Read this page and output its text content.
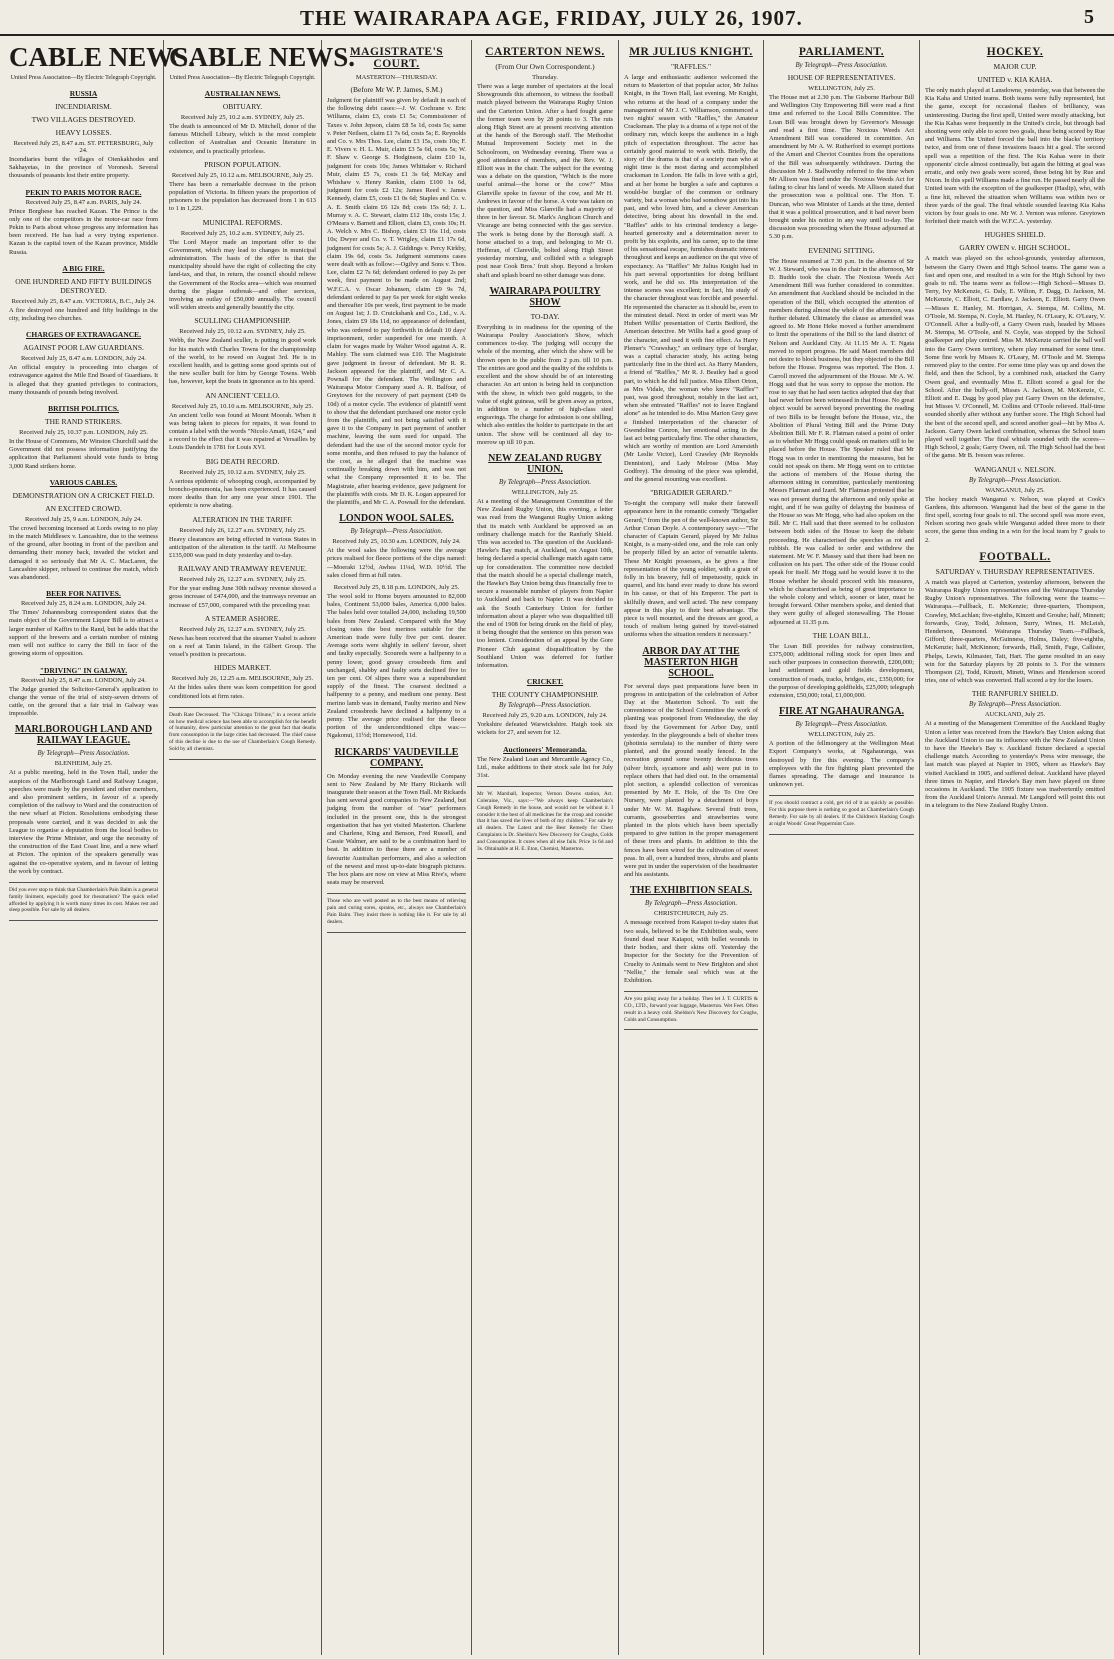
THE WAIRARAPA AGE, FRIDAY, JULY 26, 1907.	5
CABLE NEWS.
United Press Association—By Electric Telegraph Copyright.
RUSSIA
INCENDIARISM.
TWO VILLAGES DESTROYED.
HEAVY LOSSES.
Received July 25, 8.47 a.m. ST. PETERSBURG, July 24.
Incendiaries burnt the villages of Oienkakhodes and Sakhayetas, in the province of Voronesh. Several thousands of peasants lost their entire property.
PEKIN TO PARIS MOTOR RACE.
Received July 25, 8.47 a.m. PARIS, July 24.
Prince Borghese has reached Kazan. The Prince is the only one of the competitors in the motor-car race from Pekin to Paris about whose progress any information has been received. He has had a very trying experience. Kazan is the capital town of the Kazan province, Middle Russia.
A BIG FIRE.
ONE HUNDRED AND FIFTY BUILDINGS DESTROYED.
Received July 25, 8.47 a.m. VICTORIA, B.C., July 24.
A fire destroyed one hundred and fifty buildings in the city, including two churches.
CHARGES OF EXTRAVAGANCE.
AGAINST POOR LAW GUARDIANS.
Received July 25, 8.47 a.m. LONDON, July 24.
An official enquiry is proceeding into charges of extravagance against the Mile End Board of Guardians. It is alleged that they granted privileges to contractors, many thousands of pounds being involved.
BRITISH POLITICS.
THE RAND STRIKERS.
Received July 25, 10.37 p.m. LONDON, July 25.
In the House of Commons, Mr Winston Churchill said the Government did not possess information justifying the application that Parliament should vote funds to bring 3,000 Rand strikers home.
VARIOUS CABLES.
DEMONSTRATION ON A CRICKET FIELD.
AN EXCITED CROWD.
Received July 25, 9 a.m. LONDON, July 24.
The crowd becoming incensed at Lords owing to no play in the match Middlesex v. Lancashire, due to the wetness of the ground, after booting in front of the pavilion and demanding their money back, invaded the wicket and damaged it so seriously that Mr A. C. MacLaren, the Lancashire skipper, refused to continue the match, which was abandoned.
BEER FOR NATIVES.
Received July 25, 8.24 a.m. LONDON, July 24.
The Times' Johannesburg correspondent states that the main object of the Government Liquor Bill is to attract a larger number of Kaffirs to the Rand, but he adds that the support of the brewers and a certain number of mining men will not suffice to carry the Bill in face of the growing storm of opposition.
"DRIVING" IN GALWAY.
Received July 25, 8.47 a.m. LONDON, July 24.
The Judge granted the Solicitor-General's application to change the venue of the trial of sixty-seven drivers of cattle, on the ground that a fair trial in Galway was impossible.
MARLBOROUGH LAND AND RAILWAY LEAGUE.
By Telegraph—Press Association.
BLENHEIM, July 25.
At a public meeting, held in the Town Hall, under the auspices of the Marlborough Land and Railway League, speeches were made by the president and other members, and also prominent settlers, in favour of a speedy completion of the railway to Ward and the construction of the new wharf at Picton. Resolutions embodying these proposals were carried, and it was decided to ask the League to organise a deputation from the local bodies to interview the Prime Minister, and urge the necessity of the construction of the East Coast line, and a new wharf at Picton. The opinion of the speakers generally was against the co-operative system, and in favour of letting the work by contract.
Did you ever stop to think that Chamberlain's Pain Balm is a general family liniment, especially good for rheumatism? The quick relief afforded by applying it is worth many times its cost. Makes rest and sleep possible. For sale by all dealers.
CABLE NEWS.
United Press Association—By Electric Telegraph Copyright.
AUSTRALIAN NEWS.
OBITUARY.
Received July 25, 10.2 a.m. SYDNEY, July 25.
The death is announced of Mr D. Mitchell, donor of the famous Mitchell Library, which is the most complete collection of Australian and Oceanic literature in existence, and is practically priceless.
PRISON POPULATION.
Received July 25, 10.12 a.m. MELBOURNE, July 25.
There has been a remarkable decrease in the prison population of Victoria. In fifteen years the proportion of prisoners to the population has decreased from 1 in 613 to 1 in 1,229.
MUNICIPAL REFORMS.
Received July 25, 10.2 a.m. SYDNEY, July 25.
The Lord Mayor made an important offer to the Government, which may lead to changes in municipal administration. The basis of the offer is that the municipality should have the right of collecting the city land-tax, and that, in return, the council should relieve the Government of the Rocks area—which was resumed during the plague outbreak—and other services, involving an outlay of £50,000 annually. The council will widen streets and generally beautify the city.
SCULLING CHAMPIONSHIP.
Received July 25, 10.12 a.m. SYDNEY, July 25.
Webb, the New Zealand sculler, is putting in good work for his match with Charles Towns for the championship of the world, to be rowed on August 3rd. He is in excellent health, and is getting some good sprints out of the new sculler built for him by George Towns. Webb has, however, kept the boats in ignorance as to his speed.
AN ANCIENT 'CELLO.
Received July 25, 10.10 a.m. MELBOURNE, July 25.
An ancient 'cello was found at Mount Moorah. When it was being taken to pieces for repairs, it was found to contain a label with the words "Nicolo Amati, 1624," and a record to the effect that it was repaired at Versailles by Louis Dandeh in 1781 for Louis XVI.
BIG DEATH RECORD.
Received July 25, 10.12 a.m. SYDNEY, July 25.
A serious epidemic of whooping cough, accompanied by broncho-pneumonia, has been experienced. It has caused more deaths than for any one year since 1901. The epidemic is now abating.
ALTERATION IN THE TARIFF.
Received July 26, 12.27 a.m. SYDNEY, July 25.
Heavy clearances are being effected in various States in anticipation of the alteration in the tariff. At Melbourne £135,000 was paid in duty yesterday and to-day.
RAILWAY AND TRAMWAY REVENUE.
Received July 26, 12.27 a.m. SYDNEY, July 25.
For the year ending June 30th railway revenue showed a gross increase of £474,000, and the tramways revenue an increase of £57,000, compared with the preceding year.
A STEAMER ASHORE.
Received July 26, 12.27 a.m. SYDNEY, July 25.
News has been received that the steamer Ysabel is ashore on a reef at Tanin Island, in the Gilbert Group. The vessel's position is precarious.
HIDES MARKET.
Received July 26, 12.25 a.m. MELBOURNE, July 25.
At the hides sales there was keen competition for good conditioned lots at firm rates.
Death Rate Decreased. The "Chicago Tribune," in a recent article on how medical science has been able to accomplish for the benefit of humanity, drew particular attention to the great fact that deaths from consumption in the large cities had decreased. The chief cause of this decline is due to the use of Chamberlain's Cough Remedy. Sold by all chemists.
MAGISTRATE'S COURT.
MASTERTON—THURSDAY.
(Before Mr W. P. James, S.M.)
Judgment for plaintiff was given by default in each of the following debt cases:—J. W. Cochrane v. Eric Williams, claim £3, costs £1 5s; Commissioner of Taxes v. John Jepson, claim £8 5s 1d, costs 5s; same v. Peter Neilsen, claim £1 7s 6d, costs 5s; E. Reynolds and Co. v. Mrs Thos. Lee, claim £3 15s, costs 10s; F. E. Vivers v. H. L. Muir, claim £3 5s 6d, costs 5s; W. F. Shaw v. George S. Hodginson, claim £10 1s, judgment for costs 10s; James Whittaker v. Richard Muir, claim £5 7s, costs £1 3s 6d; McKay and Whishaw v. Henry Rankin, claim £100 1s 6d, judgment for costs £2 12s; James Reed v. James Kennedy, claim £5, costs £1 0s 6d; Staples and Co. v. A. E. Smith claim £6 12s 8d; costs 15s 6d; J. L. Murray v. A. C. Stewart, claim £12 18s, costs 15s; J. O'Meara v. Barnett and Elliott, claim £3, costs 10s; H. A. Welch v. Mrs C. Bishop, claim £3 16s 11d, costs 10s; Dwyer and Co. v. T. Wrigley, claim £1 17s 6d, judgment for costs 5s; A. J. Giddings v. Percy Kirkby, claim 19s 6d, costs 5s. Judgment summons cases were dealt with as follow:—Ogilvy and Sons v. Thos. Lee, claim £2 7s 6d; defendant ordered to pay 2s per week, first payment to be made on August 2nd; W.F.C.A. v. Oscar Johansen, claim £9 9s 7d, defendant ordered to pay 6s per week for eight weeks and thereafter 10s per week, first payment to be made on August 1st; J. D. Cruickshank and Co., Ltd., v. A. Jones, claim £9 18s 11d, no appearance of defendant, who was ordered to pay forthwith in default 10 days' imprisonment, order suspended for one month. A claim for wages made by Walter Wood against A. R. Mahley. The sum claimed was £10. The Magistrate gave judgment in favour of defendant. Mr R. R. Jackson appeared for the plaintiff, and Mr C. A. Pownall for the defendant. The Wellington and Wairarapa Motor Company sued A. R. Balfour, of Greytown for the recovery of part payment (£49 0s 10d) of a motor cycle. The evidence of plaintiff went to show that the defendant purchased one motor cycle from the plaintiffs, and not being satisfied with it gave it to the Company in part payment of another machine, leaving the sum sued for unpaid. The defendant had the use of the second motor cycle for some months, and then refused to pay the balance of the cost, as he alleged that the machine was continually breaking down with him, and was not what the Company represented it to be. The Magistrate, after hearing evidence, gave judgment for the plaintiffs with costs. Mr D. K. Logan appeared for the plaintiffs, and Mr C. A. Pownall for the defendant.
LONDON WOOL SALES.
By Telegraph—Press Association.
Received July 25, 10.30 a.m. LONDON, July 24.
At the wool sales the following were the average prices realised for fleece portions of the clips named:—Moeraki 12½d, Awhea 11¼d, W.D. 10½d. The sales closed firm at full rates.
Received July 25, 8.18 p.m. LONDON, July 25.
The wool sold to Home buyers amounted to 82,000 bales, Continent 53,000 bales, America 6,000 bales. The bales held over totalled 24,000, including 19,500 bales from New Zealand. Compared with the May closing rates the best merinos suitable for the American trade were fully five per cent. dearer. Average sorts were slightly in sellers' favour, short and faulty especially. Scoureds were a halfpenny to a penny lower, good greasy crossbreds firm and unchanged, shabby and faulty sorts declined five to ten per cent. Of slipes there was a superabundant supply of the finest. The coarsest declined a halfpenny to a penny, and medium one penny. Best merino lamb was in demand, Faulty merino and New Zealand crossbreds have declined a halfpenny to a penny. The average price realised for the fleece portion of the underconditioned clips was:—Ngakonui, 11½d; Homewood, 11d.
RICKARDS' VAUDEVILLE COMPANY.
On Monday evening the new Vaudeville Company sent to New Zealand by Mr Harry Rickards will inaugurate their season at the Town Hall. Mr Rickards has sent several good companies to New Zealand, but judging from the number of "star" performers included in the present one, this is the strongest organisation that has yet visited Masterton. Charlene and Charlene, King and Benson, Fred Russell, and Cassie Walmer, are said to be a combination hard to beat. In addition to these there are a number of favourite Australian performers, and also a selection of the newest and most up-to-date biograph pictures. The box plans are now on view at Miss Rive's, where seats may be reserved.
Those who are well posted as to the best means of relieving pain and curing sores, sprains, etc., always use Chamberlain's Pain Balm. They insist there is nothing like it. For sale by all dealers.
CARTERTON NEWS.
(From Our Own Correspondent.)
Thursday.
There was a large number of spectators at the local Showgrounds this afternoon, to witness the football match played between the Wairarapa Rugby Union and the Carterton Union. After a hard fought game the former team won by 28 points to 3. The ruts along High Street are at present receiving attention at the hands of the Borough staff. The Methodist Mutual Improvement Society met in the Schoolroom, on Wednesday evening. There was a good attendance of members, and the Rev. W. J. Elliott was in the chair. The subject for the evening was a debate on the question, "Which is the more useful animal—the horse or the cow?" Miss Glanville spoke in favour of the cow, and Mr H. Andrews in favour of the horse. A vote was taken on the question, and Miss Glanville had a majority of three in her favour. St. Mark's Anglican Church and Vicarage are being connected with the gas service. The work is being done by the Borough staff. A horse attached to a trap, and belonging to Mr O. Hefferan, of Clareville, bolted along High Street yesterday morning, and collided with a telegraph post near Cook Bros.' fruit shop. Beyond a broken shaft and splash board no other damage was done.
WAIRARAPA POULTRY SHOW
TO-DAY.
Everything is in readiness for the opening of the Wairarapa Poultry Association's Show, which commences to-day. The judging will occupy the whole of the morning, after which the show will be thrown open to the public from 2 p.m. till 10 p.m. The entries are good and the quality of the exhibits is excellent and the show should be of an interesting character. An art union is being held in conjunction with the show, in which two gold nuggets, to the value of eight guineas, will be given away as prizes, in addition to a number of high-class steel engravings. The charge for admission is one shilling, which also entitles the holder to participate in the art union. The show will be continued all day to-morrow up till 10 p.m.
NEW ZEALAND RUGBY UNION.
By Telegraph—Press Association.
WELLINGTON, July 25.
At a meeting of the Management Committee of the New Zealand Rugby Union, this evening, a letter was read from the Wanganui Rugby Union asking that its match with Auckland be approved as an ordinary challenge match for the Ranfurly Shield. This was acceded to. The question of the Auckland-Hawke's Bay match, at Auckland, on August 10th, being declared a special challenge match again came up for consideration. The committee now decided that the match should be a special challenge match, the Hawke's Bay Union being thus financially free to secure a reasonable number of players from Napier to Auckland and back to Napier. It was decided to ask the South Canterbury Union for further information about a player who was disqualified till the end of 1908 for being drunk on the field of play, it being thought that the sentence on this person was too lenient. Consideration of an appeal by the Gore Pioneer Club against disqualification by the Southland Union was deferred for further information.
CRICKET.
THE COUNTY CHAMPIONSHIP.
By Telegraph—Press Association.
Received July 25, 9.20 a.m. LONDON, July 24.
Yorkshire defeated Warwickshire. Haigh took six wickets for 27, and seven for 12.
Auctioneers' Memoranda.
The New Zealand Loan and Mercantile Agency Co., Ltd., make additions to their stock sale list for July 31st.
Mr W. Marshall, Inspector, Vernon Downs station, Act. Coleraine, Vic., says:—"We always keep Chamberlain's Cough Remedy in the house, and would not be without it. I consider it the best of all medicines for the croup and consider that it has saved the lives of both of my children." For sale by all dealers. The Latest and the Best Remedy for Chest Complaints is Dr. Sheldon's New Discovery for Coughs, Colds and Consumption. It cures when all else fails. Price 1s 6d and 3s. Obtainable at H. E. Eton, Chemist, Masterton.
MR JULIUS KNIGHT.
"RAFFLES."
A large and enthusiastic audience welcomed the return to Masterton of that popular actor, Mr Julius Knight, in the Town Hall, last evening. Mr Knight, who returns at the head of a company under the management of Mr J. C. Williamson, commenced a two nights' season with "Raffles," the Amateur Cracksman. The play is a drama of a type not of the ordinary run, which keeps the audience in a high pitch of expectation throughout. The actor has certainly good material to work with. Briefly, the story of the drama is that of a society man who at night time is the most daring and accomplished cracksman in London. He falls in love with a girl, and at her home he burgles a safe and captures a would-be burglar of the common or ordinary variety, but a woman who had somehow got into his past, and who loved him, and a clever American detective, bring about his downfall in the end. "Raffles" adds to his criminal tendency a large-hearted generosity and a determination never to profit by his exploits, and his career, up to the time of his sensational escape, furnishes dramatic interest throughout and keeps an audience on the qui vive of expectancy. As "Raffles" Mr Julius Knight had in his part several opportunities for doing brilliant work, and he did so. His interpretation of the intense scenes was excellent; in fact, his study of the character throughout was forcible and powerful. He represented the character as it should be, even to the minutest detail. Next in order of merit was Mr Hubert Willis' presentation of Curtis Bedford, the American detective. Mr Willis had a good grasp of the character, and used it with fine effect. As Harry Plemer's "Crawshay," an ordinary type of burglar, was a capital character study, his acting being particularly fine in the third act. As Harry Manders, a friend of "Raffles," Mr R. J. Beatley had a good part, to which he did full justice. Miss Elbert Orton, as Mrs Vidale, the woman who knew "Raffles'" past, was good throughout, notably in the last act, when she entreated "Raffles" not to leave England alone" as he intended to do. Miss Marion Grey gave a finished interpretation of the character of Gwendoline Conron, her emotional acting in the last act being particularly fine. The other characters, which are worthy of mention are Lord Amersteth (Mr Leslie Victor), Lord Crawley (Mr Reynolds Denniston), and Lady Melrose (Miss May Godfrey). The dressing of the piece was splendid, and the general mounting was excellent.
"BRIGADIER GERARD."
To-night the company will make their farewell appearance here in the romantic comedy "Brigadier Gerard," from the pen of the well-known author, Sir Arthur Conan Doyle. A contemporary says:—"The character of Captain Gerard, played by Mr Julius Knight, is a many-sided one, and the role can only be properly filled by an actor of versatile talents. These Mr Knight possesses, as he gives a fine representation of the young soldier, with a grain of folly in his bravery, full of impetuosity, quick in quarrel, and his hand ever ready to draw his sword in his cause, or that of his Emperor. The part is skilfully drawn, and well acted. The new company appear in this play to their best advantage. The piece is well mounted, and the dresses are good, a touch of realism being gained by travel-stained uniforms when the situation renders it necessary."
ARBOR DAY AT THE MASTERTON HIGH SCHOOL.
For several days past preparations have been in progress in anticipation of the celebration of Arbor Day at the Masterton School. To suit the convenience of the School Committee the work of planting was postponed from Wednesday, the day fixed by the Government for Arbor Day, until yesterday. In the playgrounds a belt of shelter trees (photinia serrulata) to the number of thirty were planted, and the ground neatly fenced. In the recreation ground some twenty deciduous trees (silver birch, sycamore and ash) were put in to replace others that had died out. In the ornamental plot section, a splendid collection of veronicas presented by Mr E. Hole, of the To Ore Ore Nursery, were planted by a detachment of boys under Mr W. M. Bagshaw. Several fruit trees, currants, gooseberries and strawberries were planted in the plots which have been specially prepared to give tuition in the proper management of these trees and plants. In addition to this the fences have been wired for the cultivation of sweet peas. In all, over a hundred trees, shrubs and plants were put in under the supervision of the headmaster and his assistants.
THE EXHIBITION SEALS.
By Telegraph—Press Association.
CHRISTCHURCH, July 25.
A message received from Kaiapoi to-day states that two seals, believed to be the Exhibition seals, were found dead near Kaiapoi, with bullet wounds in their bodies, and their skins off. Yesterday the Inspector for the Society for the Prevention of Cruelty to Animals went to New Brighton and shot "Nellie," the female seal which was at the Exhibition.
Are you going away for a holiday. Then let J. T. CURTIS & CO., LTD., forward your luggage, Masterton. Wet Feet. Often result in a heavy cold. Sheldon's New Discovery for Coughs, Colds and Consumption.
PARLIAMENT.
By Telegraph—Press Association.
HOUSE OF REPRESENTATIVES.
WELLINGTON, July 25.
The House met at 2.30 p.m. The Gisborne Harbour Bill and Wellington City Empowering Bill were read a first time and referred to the Local Bills Committee. The Loan Bill was brought down by Governor's Message and read a first time. The Noxious Weeds Act Amendment Bill was considered in committee. An amendment by Mr A. W. Rutherford to exempt portions of the Amuri and Cheviot Counties from the operations of the Bill was subsequently withdrawn. During the discussion Mr J. Stallworthy referred to the time when Mr Allison was fined under the Noxious Weeds Act for failing to clear his land of weeds. Mr Allison stated that the prosecution was a political one. The Hon. T. Duncan, who was Minister of Lands at the time, denied that it was a political prosecution, and it had never been brought under his notice in any way until to-day. The discussion was proceeding when the House adjourned at 5.30 p.m.
EVENING SITTING.
The House resumed at 7.30 p.m. In the absence of Sir W. J. Steward, who was in the chair in the afternoon, Mr D. Buddo took the chair. The Noxious Weeds Act Amendment Bill was further considered in committee. An amendment that Auckland should be included in the operation of the Bill, which occupied the attention of members during almost the whole of the afternoon, was further debated. Ultimately the clause as amended was agreed to. Mr Hone Heke moved a further amendment to limit the operations of the Bill to the land district of Nelson and Auckland City. At 11.15 Mr A. T. Ngata moved to report progress. He said Maori members did not desire to block business, but they objected to the Bill before the House. Progress was reported. The Hon. J. Carroll moved the adjournment of the House. Mr A. W. Hogg said that he was sorry to oppose the motion. He rose to say that he had seen tactics adopted that day that had never before been witnessed in that House. No great object would be served beyond preventing the reading of two Bills to be brought before the House, viz., the Abolition of Plural Voting Bill and the Prime Duty Abolition Bill. Mr F. R. Flatman raised a point of order as to whether Mr Hogg could speak on matters still to be placed before the House. The Speaker ruled that Mr Hogg was in order in mentioning the measures, but he could not speak on them. Mr Hogg went on to criticise the actions of members of the House during the afternoon sitting in committee, particularly mentioning Messrs Flatman and Izard. Mr Flatman protested that he was not present during the afternoon and only spoke at night, and if he was guilty of delaying the business of the House so was Mr Hogg, who had also spoken on the Bill. Mr C. Hall said that there seemed to be collusion between both sides of the House to keep the debate proceeding. He characterised the speeches as rot and rubbish. He was called to order and withdrew the statement. Mr W. F. Massey said that there had been no collusion on his part. The other side of the House could speak for itself. Mr Hogg said he would leave it to the House whether he should proceed with his measures, which he characterised as being of great importance to the whole colony and which, sooner or later, must be brought forward. Other members spoke, and denied that they were guilty of alleged stonewalling. The House adjourned at 11.35 p.m.
THE LOAN BILL.
The Loan Bill provides for railway construction, £375,000; additional rolling stock for open lines and such other purposes in connection therewith, £200,000; land settlement and gold fields development, construction of roads, tracks, bridges, etc., £350,000; for the purpose of developing goldfields, £25,000; telegraph extension, £50,000; total, £1,000,000.
FIRE AT NGAHAURANGA.
By Telegraph—Press Association.
WELLINGTON, July 25.
A portion of the fellmongery at the Wellington Meat Export Company's works, at Ngahauranga, was destroyed by fire this evening. The company's employees with the fire fighting plant prevented the flames spreading. The damage and insurance is unknown yet.
If you should contract a cold, get rid of it as quickly as possible. For this purpose there is nothing so good as Chamberlain's Cough Remedy. For sale by all dealers. If the Children's Hacking Cough at night Woods' Great Peppermint Cure.
HOCKEY.
MAJOR CUP.
UNITED v. KIA KAHA.
The only match played at Lansdowne, yesterday, was that between the Kia Kaha and United teams. Both teams were fully represented, but the game, except for occasional flashes of brilliancy, was uninteresting. During the first spell, United were mostly attacking, but the Kia Kahas were frequently in the United's circle, but through bad shooting were only able to score two goals, these being scored by Rue and Williams. The United forced the ball into the blacks' territory twice, and from one of these invasions Isaacs hit a goal. The second spell was a repetition of the first. The Kia Kahas were in their opponents' circle almost continually, but again the hitting at goal was erratic, and only two goals were scored, these being hit by Rue and Nixon. In this spell Williams made a fine run. He passed nearly all the United team with the exception of the goalkeeper (Haslip), who, with a fine hit, relieved the situation when Williams was within two or three yards of the goal. The final whistle sounded leaving Kia Kaha victors by four goals to one. Mr W. J. Vernon was referee. Greytown forfeited their match with the W.F.C.A. yesterday.
HUGHES SHIELD.
GARRY OWEN v. HIGH SCHOOL.
A match was played on the school-grounds, yesterday afternoon, between the Garry Owen and High School teams. The game was a fast and open one, and resulted in a win for the High School by two goals to nil. The teams were as follow:—High School—Misses D. Terry, Ivy McKenzie, G. Daly, E. Wilton, F. Dagg, D. Jackson, M. McKenzie, C. Elliott, C. Eardlaw, J. Jackson, E. Elliott. Garry Owen—Misses E. Hanley, M. Horrigan, A. Stempa, M. Collins, M. O'Toole, M. Stempa, N. Coyle, M. Hanley, N. O'Leary, K. O'Leary, V. O'Connell. After a bully-off, a Garry Owen rush, headed by Misses M. Stempa, M. O'Toole, and N. Coyle, was stopped by the School goalkeeper and play centred. Miss M. McKenzie carried the ball well into the Garry Owen territory, where play remained for some time. Some fine work by Misses K. O'Leary, M. O'Toole and M. Stempa removed play to the centre. For some time play was up and down the field, and then the School, by a combined rush, attacked the Garry Owen goal, and eventually Miss E. Elliott scored a goal for the School. After the bully-off, Misses A. Jackson, M. McKenzie, C. Elliott and E. Dagg by good play put Garry Owen on the defensive, but Misses V. O'Connell, M. Collins and O'Toole relieved. Half-time sounded shortly after without any further score. The High School had the best of the second spell, and scored another goal—hit by Miss A. Jackson. Garry Owen lacked combination, whereas the School team played well together. The final whistle sounded with the scores—High School, 2 goals; Garry Owen, nil. The High School had the best of the game. Mr B. Iveson was referee.
WANGANUI v. NELSON.
By Telegraph—Press Association.
WANGANUI, July 25.
The hockey match Wanganui v. Nelson, was played at Cook's Gardens, this afternoon. Wanganui had the best of the game in the first spell, scoring four goals to nil. The second spell was more even, Nelson scoring two goals while Wanganui added three more to their score, the game thus ending in a win for the local team by 7 goals to 2.
FOOTBALL.
SATURDAY v. THURSDAY REPRESENTATIVES.
A match was played at Carterton, yesterday afternoon, between the Wairarapa Rugby Union representatives and the Wairarapa Thursday Rugby Union's representatives. The following were the teams:—Wairarapa.—Fullback, E. McKenzie; three-quarters, Thompson, Crawley, McLachlan; five-eighths, Kinzett and Grouhe; half, Minnett; forwards, Gray, Todd, Johnson, Surry, Wines, H. McLeish, Henderson, Desmond. Wairarapa Thursday Team.—Fullback, Gifford; three-quarters, McGuinness, Holms, Daley; five-eighths, McKenzie; half, McKinnon; forwards, Hall, Smith, Fuge, Callister, Phelps, Lewis, Kilmaster, Tait, Hart. The game resulted in an easy win for the Saturday players by 28 points to 3. For the winners Thompson (2), Todd, Kinzett, Minett, Wines and Henderson scored tries, one of which was converted. Hall scored a try for the losers.
THE RANFURLY SHIELD.
By Telegraph—Press Association.
AUCKLAND, July 25.
At a meeting of the Management Committee of the Auckland Rugby Union a letter was received from the Hawke's Bay Union asking that the Auckland Union to use its influence with the New Zealand Union to have the Hawke's Bay v. Auckland fixture declared a special challenge match. According to yesterday's Press wire message, the last match was played at Napier in 1905, where as Hawke's Bay visited Auckland in 1905, and suffered defeat. Auckland have played three times in Napier, and Hawke's Bay men have played on three occasions in Auckland. The 1905 fixture was inadvertently omitted from the Auckland Union's Annual. Mr Langsford will point this out in a telegram to the New Zealand Rugby Union.
